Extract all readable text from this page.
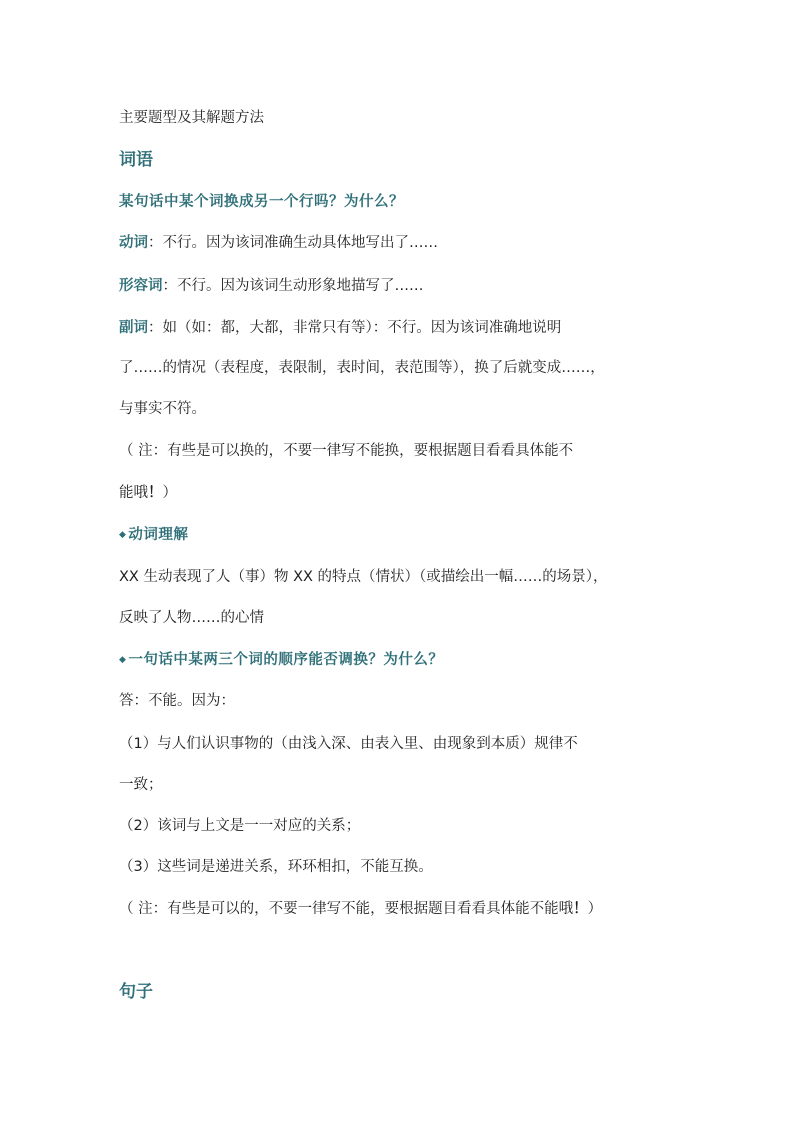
主要题型及其解题方法
词语
某句话中某个词换成另一个行吗？为什么？
动词：不行。因为该词准确生动具体地写出了……
形容词：不行。因为该词生动形象地描写了……
副词：如（如：都，大都，非常只有等）：不行。因为该词准确地说明
了……的情况（表程度，表限制，表时间，表范围等），换了后就变成……，
与事实不符。
（ 注：有些是可以换的，不要一律写不能换，要根据题目看看具体能不
能哦！）
◆ 动词理解
XX 生动表现了人（事）物 XX 的特点（情状）（或描绘出一幅……的场景），
反映了人物……的心情
◆ 一句话中某两三个词的顺序能否调换？为什么？
答：不能。因为：
（1）与人们认识事物的（由浅入深、由表入里、由现象到本质）规律不
一致；
（2）该词与上文是一一对应的关系；
（3）这些词是递进关系，环环相扣，不能互换。
（ 注：有些是可以的，不要一律写不能，要根据题目看看具体能不能哦！）
句子
